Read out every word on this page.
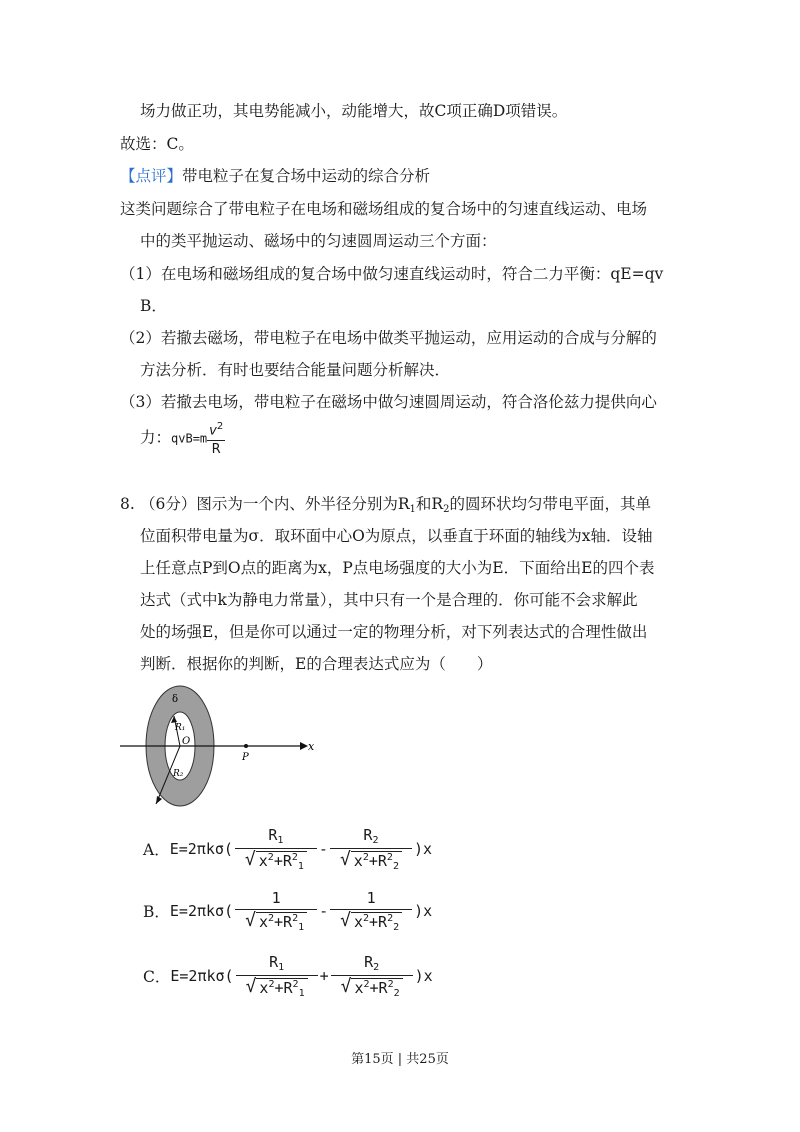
场力做正功，其电势能减小，动能增大，故C项正确D项错误。
故选：C。
【点评】带电粒子在复合场中运动的综合分析
这类问题综合了带电粒子在电场和磁场组成的复合场中的匀速直线运动、电场
中的类平抛运动、磁场中的匀速圆周运动三个方面：
（1）在电场和磁场组成的复合场中做匀速直线运动时，符合二力平衡：qE=qv
B．
（2）若撤去磁场，带电粒子在电场中做类平抛运动，应用运动的合成与分解的
方法分析．有时也要结合能量问题分析解决．
（3）若撤去电场，带电粒子在磁场中做匀速圆周运动，符合洛伦兹力提供向心
力：$qvB=m \frac{v^2}{R}$
8. （6分）图示为一个内、外半径分别为$R_1$和$R_2$的圆环状均匀带电平面，其单
位面积带电量为σ．取环面中心O为原点，以垂直于环面的轴线为x轴．设轴
上任意点P到O点的距离为x，P点电场强度的大小为E．下面给出E的四个表
达式（式中k为静电力常量），其中只有一个是合理的．你可能不会求解此
处的场强E，但是你可以通过一定的物理分析，对下列表达式的合理性做出
判断．根据你的判断，E的合理表达式应为（　　）
δ
R₁
O
R₂
P
x
A． E=2πkσ(
$R_1$
√ $x^2+R^2_1$
-
$R_2$
√ $x^2+R^2_2$
)x
B． E=2πkσ(
1
√ $x^2+R^2_1$
-
1
√ $x^2+R^2_2$
)x
C． E=2πkσ(
$R_1$
√ $x^2+R^2_1$
+ $\frac{R_2}{√ x^2+R^2_2} )x$
第15页 | 共25页
